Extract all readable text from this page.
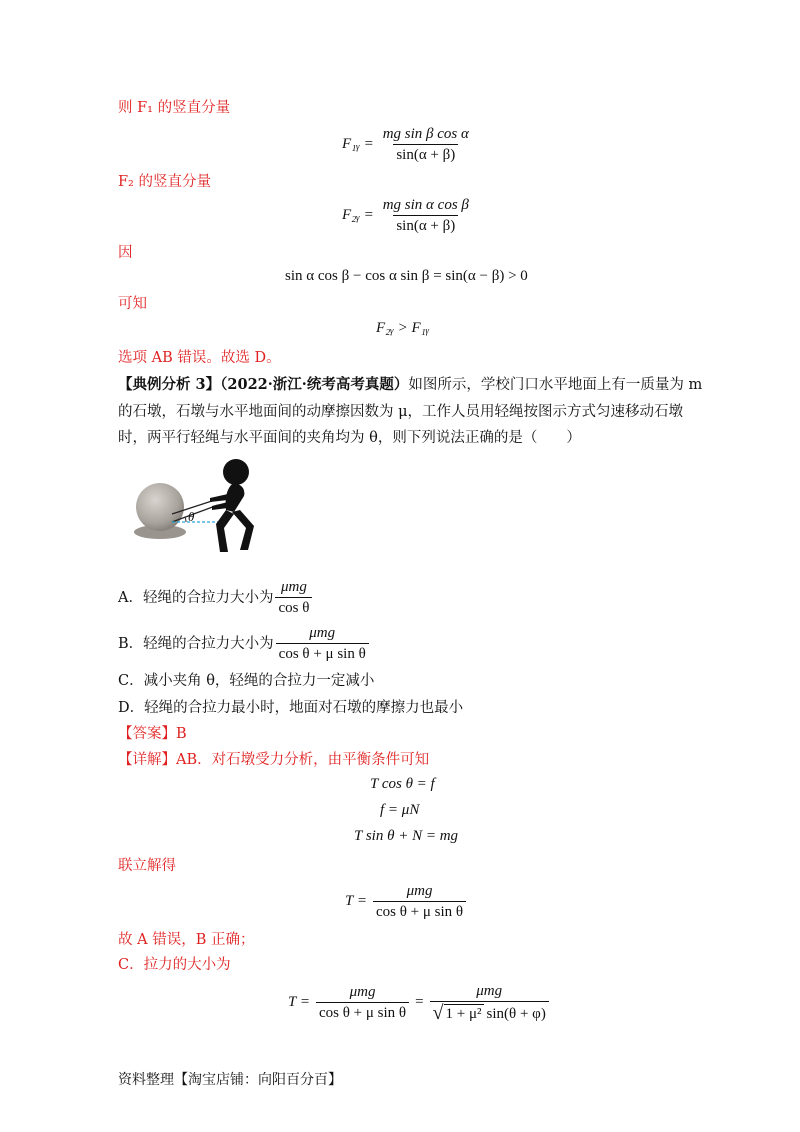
则 F₁ 的竖直分量
F₁ᵧ = $\frac{\text{mg sin β cos α}}{\sin(\alpha + \beta)}$
F₂ 的竖直分量
F₂ᵧ = $\frac{\text{mg sin α cos β}}{\sin(\alpha + \beta)}$
因
sin α cos β − cos α sin β = sin(α − β) > 0
可知
F₂ᵧ > F₁ᵧ
选项 AB 错误。故选 D。
【典例分析 3】（2022·浙江·统考高考真题）如图所示，学校门口水平地面上有一质量为 m
的石墩，石墩与水平地面间的动摩擦因数为 μ，工作人员用轻绳按图示方式匀速移动石墩
时，两平行轻绳与水平面间的夹角均为 θ，则下列说法正确的是（　　）
θ
A．轻绳的合拉力大小为 $\frac{\text{μmg}}{\text{cos θ}}$
B．轻绳的合拉力大小为 $\frac{\text{μmg}}{\text{cos θ + μ sin θ}}$
C．减小夹角 θ，轻绳的合拉力一定减小
D．轻绳的合拉力最小时，地面对石墩的摩擦力也最小
【答案】B
【详解】AB．对石墩受力分析，由平衡条件可知
T cos θ = f
f = μN
T sin θ + N = mg
联立解得
$T = \frac{\text{μmg}}{\text{cos θ + μ sin θ}}$
故 A 错误，B 正确；
C．拉力的大小为
$T = \frac{\text{μmg}}{\text{cos θ + μ sin θ}} = \frac{\text{μmg}}{\text{√ 1 + μ² sin(θ + φ)}}$
资料整理【淘宝店铺：向阳百分百】
